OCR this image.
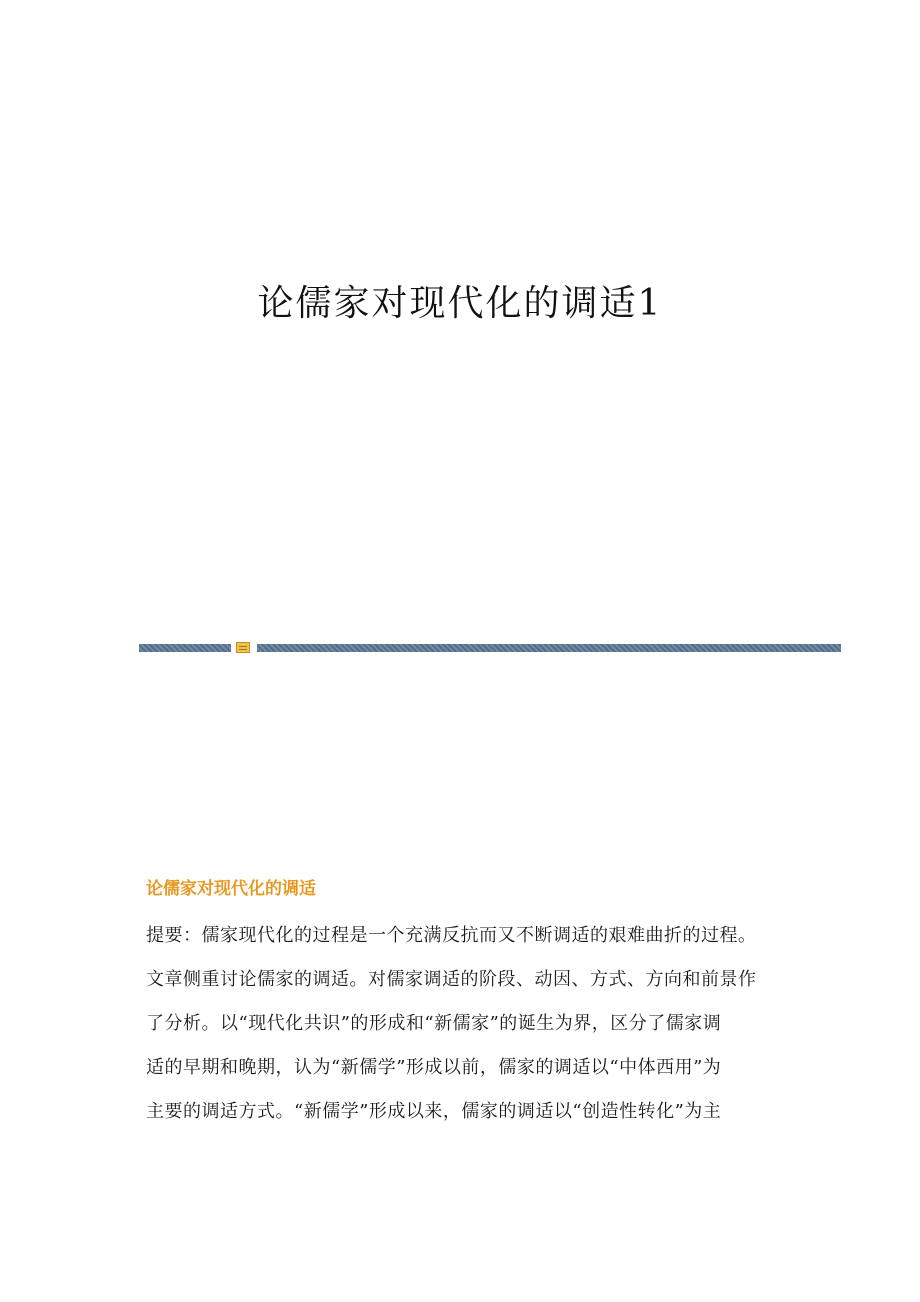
论儒家对现代化的调适1
论儒家对现代化的调适
提要：儒家现代化的过程是一个充满反抗而又不断调适的艰难曲折的过程。
文章侧重讨论儒家的调适。对儒家调适的阶段、动因、方式、方向和前景作
了分析。以“现代化共识”的形成和“新儒家”的诞生为界，区分了儒家调
适的早期和晚期，认为“新儒学”形成以前，儒家的调适以“中体西用”为
主要的调适方式。“新儒学”形成以来，儒家的调适以“创造性转化”为主
